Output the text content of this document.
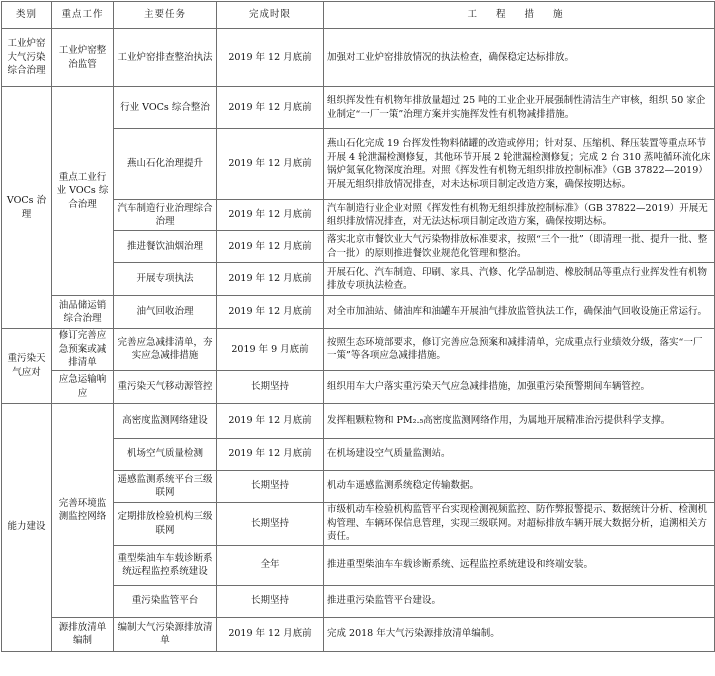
类别	重点工作	主要任务	完成时限	工 程 措 施
工业炉窑大气污染综合治理	工业炉窑整治监管	工业炉窑排查整治执法	2019 年 12 月底前	加强对工业炉窑排放情况的执法检查，确保稳定达标排放。
VOCs 治理	重点工业行业 VOCs 综合治理	行业 VOCs 综合整治	2019 年 12 月底前	组织挥发性有机物年排放量超过 25 吨的工业企业开展强制性清洁生产审核，组织 50 家企业制定“一厂一策”治理方案并实施挥发性有机物减排措施。
		燕山石化治理提升	2019 年 12 月底前	燕山石化完成 19 台挥发性物料储罐的改造或停用；针对泵、压缩机、释压装置等重点环节开展 4 轮泄漏检测修复，其他环节开展 2 轮泄漏检测修复；完成 2 台 310 蒸吨循环流化床锅炉氮氧化物深度治理。对照《挥发性有机物无组织排放控制标准》（GB 37822—2019）开展无组织排放情况排查，对未达标项目制定改造方案，确保按期达标。
		汽车制造行业治理综合治理	2019 年 12 月底前	汽车制造行业企业对照《挥发性有机物无组织排放控制标准》（GB 37822—2019）开展无组织排放情况排查，对无法达标项目制定改造方案，确保按期达标。
		推进餐饮油烟治理	2019 年 12 月底前	落实北京市餐饮业大气污染物排放标准要求，按照“三个一批”（即清理一批、提升一批、整合一批）的原则推进餐饮业规范化管理和整治。
		开展专项执法	2019 年 12 月底前	开展石化、汽车制造、印刷、家具、汽修、化学品制造、橡胶制品等重点行业挥发性有机物排放专项执法检查。
	油品储运销综合治理	油气回收治理	2019 年 12 月底前	对全市加油站、储油库和油罐车开展油气排放监管执法工作，确保油气回收设施正常运行。
重污染天气应对	修订完善应急预案或减排清单	完善应急减排清单，夯实应急减排措施	2019 年 9 月底前	按照生态环境部要求，修订完善应急预案和减排清单，完成重点行业绩效分级，落实“一厂一策”等各项应急减排措施。
	应急运输响应	重污染天气移动源管控	长期坚持	组织用车大户落实重污染天气应急减排措施，加强重污染预警期间车辆管控。
能力建设	完善环境监测监控网络	高密度监测网络建设	2019 年 12 月底前	发挥粗颗粒物和 PM₂.₅高密度监测网络作用，为属地开展精准治污提供科学支撑。
		机场空气质量检测	2019 年 12 月底前	在机场建设空气质量监测站。
		遥感监测系统平台三级联网	长期坚持	机动车遥感监测系统稳定传输数据。
		定期排放检验机构三级联网	长期坚持	市级机动车检验机构监管平台实现检测视频监控、防作弊报警提示、数据统计分析、检测机构管理、车辆环保信息管理，实现三级联网。对超标排放车辆开展大数据分析，追溯相关方责任。
		重型柴油车车载诊断系统远程监控系统建设	全年	推进重型柴油车车载诊断系统、远程监控系统建设和终端安装。
		重污染监管平台	长期坚持	推进重污染监管平台建设。
	源排放清单编制	编制大气污染源排放清单	2019 年 12 月底前	完成 2018 年大气污染源排放清单编制。
